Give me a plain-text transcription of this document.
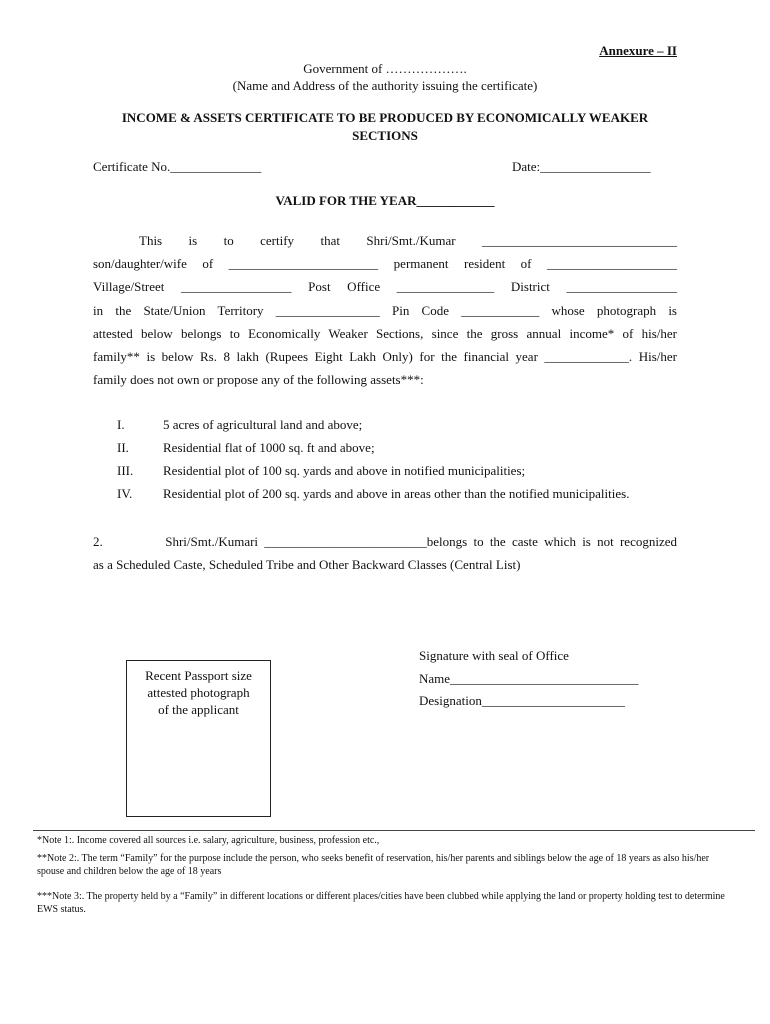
Annexure – II
Government of ……………….
(Name and Address of the authority issuing the certificate)
INCOME & ASSETS CERTIFICATE TO BE PRODUCED BY ECONOMICALLY WEAKER
SECTIONS
Certificate No.______________	Date:_________________
VALID FOR THE YEAR____________
This is to certify that Shri/Smt./Kumar ______________________________
son/daughter/wife of _______________________ permanent resident of ____________________
Village/Street _________________ Post Office _______________ District _________________
in the State/Union Territory ________________ Pin Code ____________ whose photograph is
attested below belongs to Economically Weaker Sections, since the gross annual income* of his/her
family** is below Rs. 8 lakh (Rupees Eight Lakh Only) for the financial year _____________. His/her
family does not own or propose any of the following assets***:
I.	5 acres of agricultural land and above;
II.	Residential flat of 1000 sq. ft and above;
III. Residential plot of 100 sq. yards and above in notified municipalities;
IV. Residential plot of 200 sq. yards and above in areas other than the notified municipalities.
2.          Shri/Smt./Kumari _________________________belongs to the caste which is not recognized
as a Scheduled Caste, Scheduled Tribe and Other Backward Classes (Central List)
Recent Passport size
attested photograph
of the applicant
Signature with seal of Office
Name_____________________________
Designation______________________
*Note 1:. Income covered all sources i.e. salary, agriculture, business, profession etc.,
**Note 2:. The term “Family” for the purpose include the person, who seeks benefit of reservation, his/her parents and siblings below the age of 18 years as also his/her spouse and children below the age of 18 years
***Note 3:. The property held by a “Family” in different locations or different places/cities have been clubbed while applying the land or property holding test to determine EWS status.
